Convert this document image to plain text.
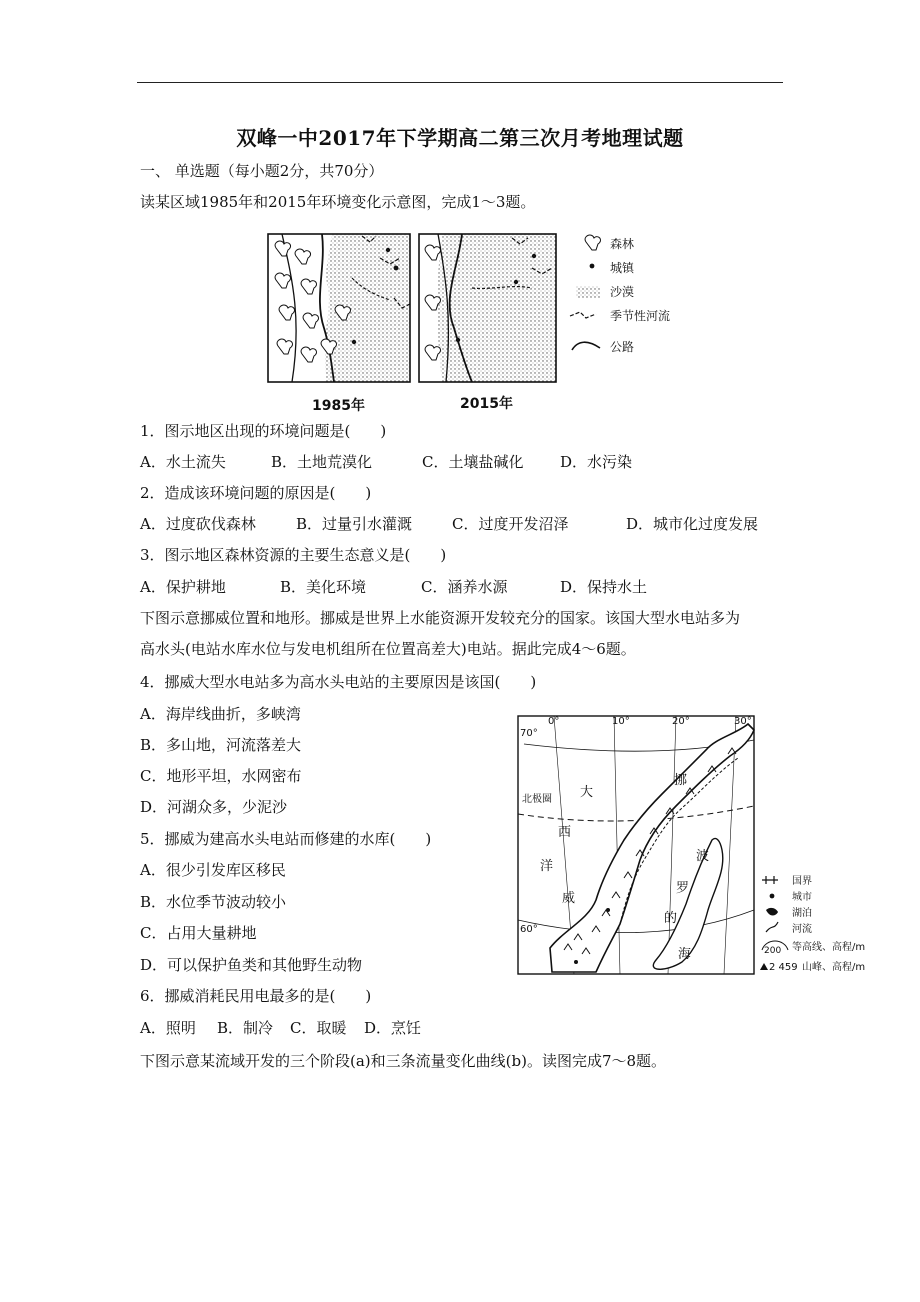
双峰一中2017年下学期高二第三次月考地理试题
一、 单选题（每小题2分，共70分）
读某区域1985年和2015年环境变化示意图，完成1～3题。
1985年	2015年
森林
城镇
沙漠
季节性河流
公路
1．图示地区出现的环境问题是(　　)
A．水土流失	B．土地荒漠化	C．土壤盐碱化 D．水污染
2．造成该环境问题的原因是(　　)
A．过度砍伐森林	B．过量引水灌溉	C．过度开发沼泽	D．城市化过度发展
3．图示地区森林资源的主要生态意义是(　　)
A．保护耕地	B．美化环境	C．涵养水源	D．保持水土
下图示意挪威位置和地形。挪威是世界上水能资源开发较充分的国家。该国大型水电站多为
高水头(电站水库水位与发电机组所在位置高差大)电站。据此完成4～6题。
4．挪威大型水电站多为高水头电站的主要原因是该国(　　)
A．海岸线曲折，多峡湾
B．多山地，河流落差大
C．地形平坦，水网密布
D．河湖众多，少泥沙
5．挪威为建高水头电站而修建的水库(　　)
A．很少引发库区移民
B．水位季节波动较小
C．占用大量耕地
D．可以保护鱼类和其他野生动物
6．挪威消耗民用电最多的是(　　)
A．照明 B．制冷 C．取暖 D．烹饪
下图示意某流域开发的三个阶段(a)和三条流量变化曲线(b)。读图完成7～8题。
0°	10°	20°	30°
70°
60°
北极圈 大
西
洋
挪
威
波
罗
的
海
国界
城市
湖泊
河流
200 等高线、高程/m
2 459 山峰、高程/m
